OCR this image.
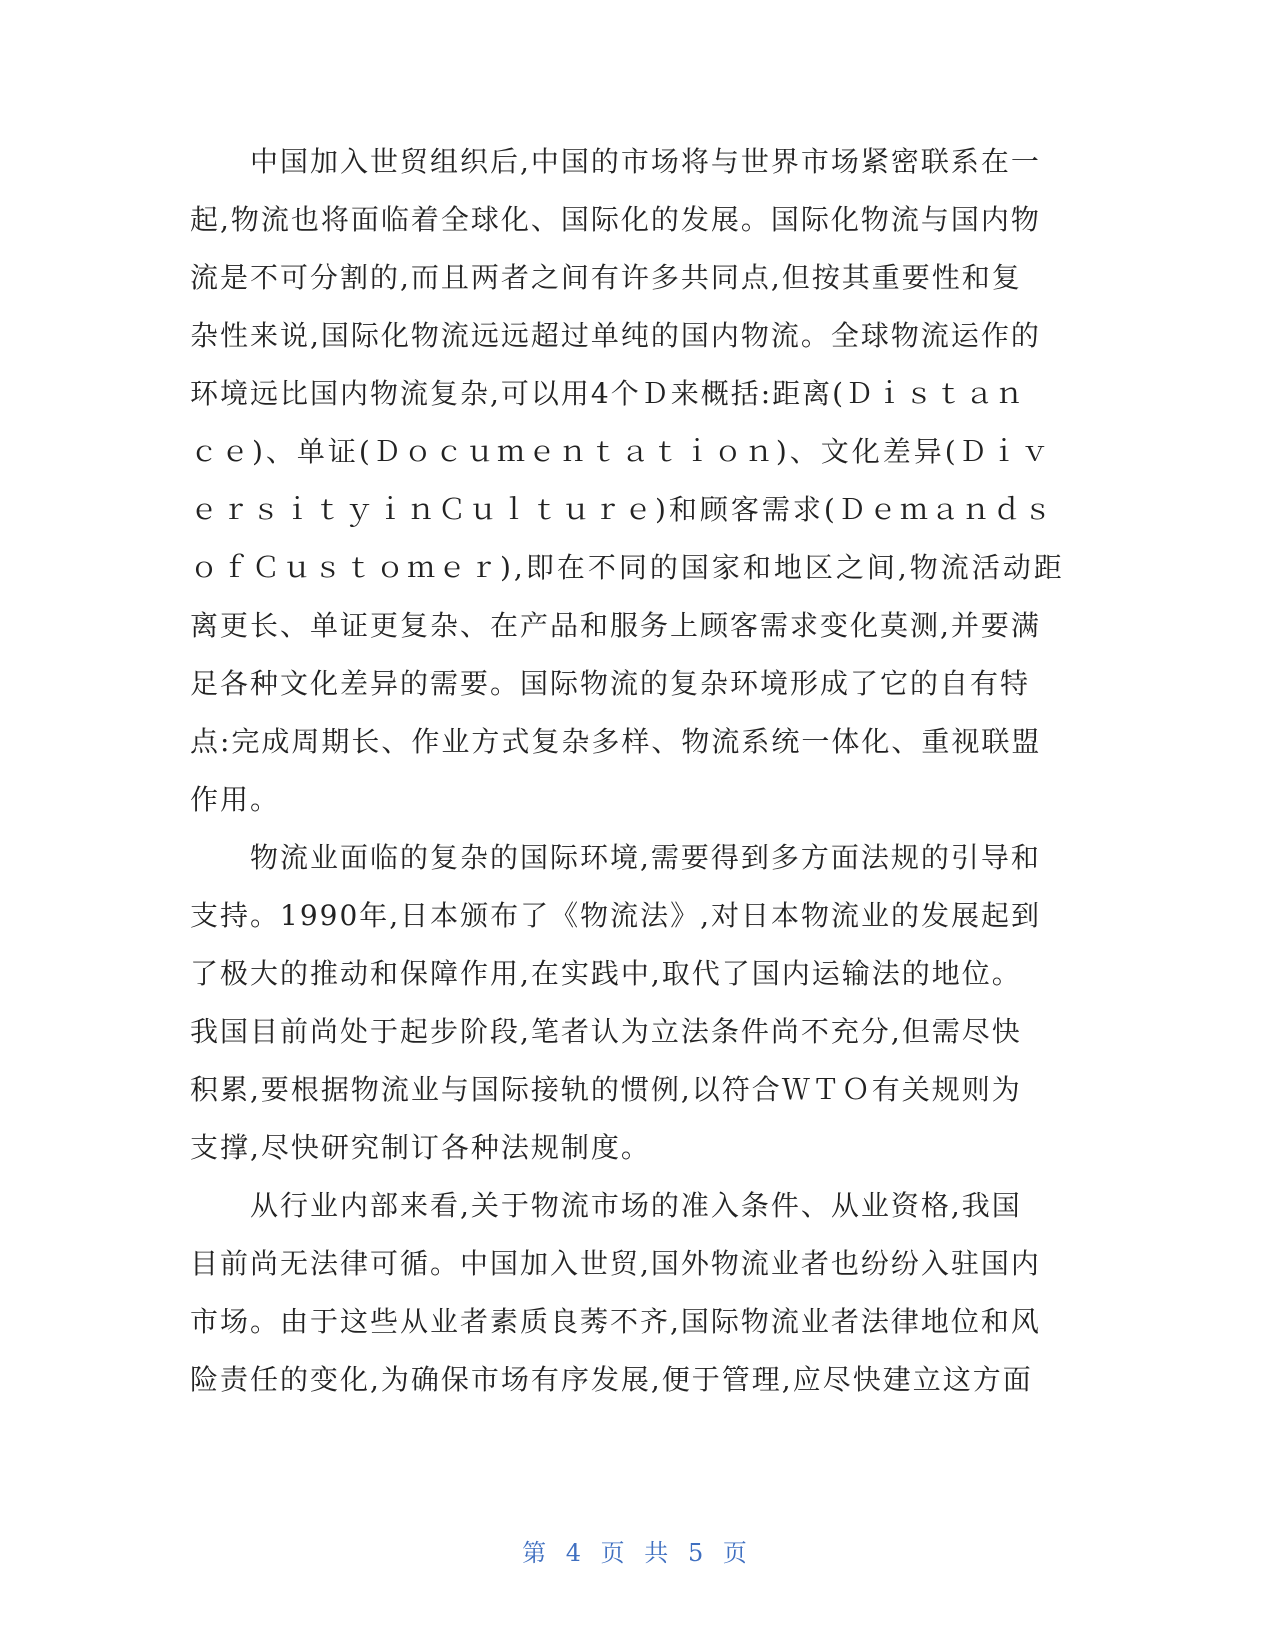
　　中国加入世贸组织后,中国的市场将与世界市场紧密联系在一
起,物流也将面临着全球化、国际化的发展。国际化物流与国内物
流是不可分割的,而且两者之间有许多共同点,但按其重要性和复
杂性来说,国际化物流远远超过单纯的国内物流。全球物流运作的
环境远比国内物流复杂,可以用4个Ｄ来概括:距离(Ｄｉｓｔａｎ
ｃｅ)、单证(Ｄｏｃｕｍｅｎｔａｔｉｏｎ)、文化差异(Ｄｉｖ
ｅｒｓｉｔｙｉｎＣｕｌｔｕｒｅ)和顾客需求(Ｄｅｍａｎｄｓ
ｏｆＣｕｓｔｏｍｅｒ),即在不同的国家和地区之间,物流活动距
离更长、单证更复杂、在产品和服务上顾客需求变化莫测,并要满
足各种文化差异的需要。国际物流的复杂环境形成了它的自有特
点:完成周期长、作业方式复杂多样、物流系统一体化、重视联盟
作用。
　　物流业面临的复杂的国际环境,需要得到多方面法规的引导和
支持。1990年,日本颁布了《物流法》,对日本物流业的发展起到
了极大的推动和保障作用,在实践中,取代了国内运输法的地位。
我国目前尚处于起步阶段,笔者认为立法条件尚不充分,但需尽快
积累,要根据物流业与国际接轨的惯例,以符合ＷＴＯ有关规则为
支撑,尽快研究制订各种法规制度。
　　从行业内部来看,关于物流市场的准入条件、从业资格,我国
目前尚无法律可循。中国加入世贸,国外物流业者也纷纷入驻国内
市场。由于这些从业者素质良莠不齐,国际物流业者法律地位和风
险责任的变化,为确保市场有序发展,便于管理,应尽快建立这方面
第 4 页 共 5 页
